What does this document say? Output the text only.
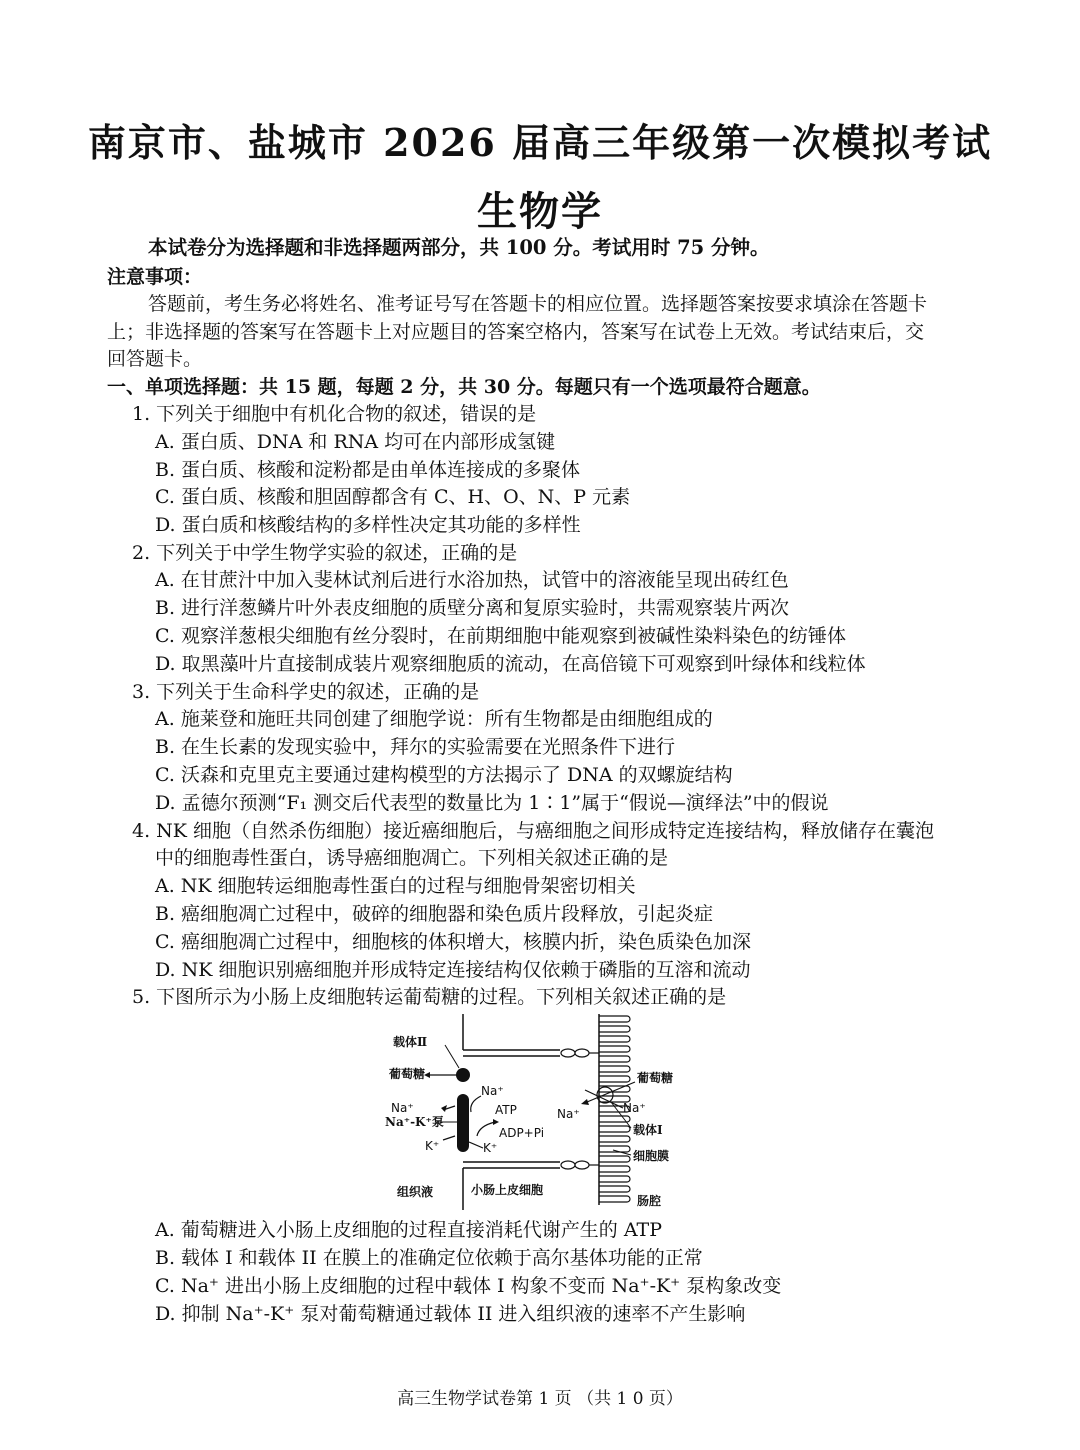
南京市、盐城市 2026 届高三年级第一次模拟考试
生物学
本试卷分为选择题和非选择题两部分，共 100 分。考试用时 75 分钟。
注意事项：
答题前，考生务必将姓名、准考证号写在答题卡的相应位置。选择题答案按要求填涂在答题卡
上；非选择题的答案写在答题卡上对应题目的答案空格内，答案写在试卷上无效。考试结束后，交
回答题卡。
一、单项选择题：共 15 题，每题 2 分，共 30 分。每题只有一个选项最符合题意。
1. 下列关于细胞中有机化合物的叙述，错误的是
A. 蛋白质、DNA 和 RNA 均可在内部形成氢键
B. 蛋白质、核酸和淀粉都是由单体连接成的多聚体
C. 蛋白质、核酸和胆固醇都含有 C、H、O、N、P 元素
D. 蛋白质和核酸结构的多样性决定其功能的多样性
2. 下列关于中学生物学实验的叙述，正确的是
A. 在甘蔗汁中加入斐林试剂后进行水浴加热，试管中的溶液能呈现出砖红色
B. 进行洋葱鳞片叶外表皮细胞的质壁分离和复原实验时，共需观察装片两次
C. 观察洋葱根尖细胞有丝分裂时，在前期细胞中能观察到被碱性染料染色的纺锤体
D. 取黑藻叶片直接制成装片观察细胞质的流动，在高倍镜下可观察到叶绿体和线粒体
3. 下列关于生命科学史的叙述，正确的是
A. 施莱登和施旺共同创建了细胞学说：所有生物都是由细胞组成的
B. 在生长素的发现实验中，拜尔的实验需要在光照条件下进行
C. 沃森和克里克主要通过建构模型的方法揭示了 DNA 的双螺旋结构
D. 孟德尔预测“F₁ 测交后代表型的数量比为 1∶1”属于“假说—演绎法”中的假说
4. NK 细胞（自然杀伤细胞）接近癌细胞后，与癌细胞之间形成特定连接结构，释放储存在囊泡
中的细胞毒性蛋白，诱导癌细胞凋亡。下列相关叙述正确的是
A. NK 细胞转运细胞毒性蛋白的过程与细胞骨架密切相关
B. 癌细胞凋亡过程中，破碎的细胞器和染色质片段释放，引起炎症
C. 癌细胞凋亡过程中，细胞核的体积增大，核膜内折，染色质染色加深
D. NK 细胞识别癌细胞并形成特定连接结构仅依赖于磷脂的互溶和流动
5. 下图所示为小肠上皮细胞转运葡萄糖的过程。下列相关叙述正确的是
载体Ⅱ
葡萄糖
Na⁺
Na⁺	ATP
Na⁺-K⁺泵
ADP+Pi
K⁺	K⁺
葡萄糖
Na⁺	Na⁺
载体Ⅰ
细胞膜
组织液	小肠上皮细胞
肠腔
A. 葡萄糖进入小肠上皮细胞的过程直接消耗代谢产生的 ATP
B. 载体 I 和载体 II 在膜上的准确定位依赖于高尔基体功能的正常
C. Na⁺ 进出小肠上皮细胞的过程中载体 I 构象不变而 Na⁺-K⁺ 泵构象改变
D. 抑制 Na⁺-K⁺ 泵对葡萄糖通过载体 II 进入组织液的速率不产生影响
高三生物学试卷第 1 页 （共 1 0 页）
